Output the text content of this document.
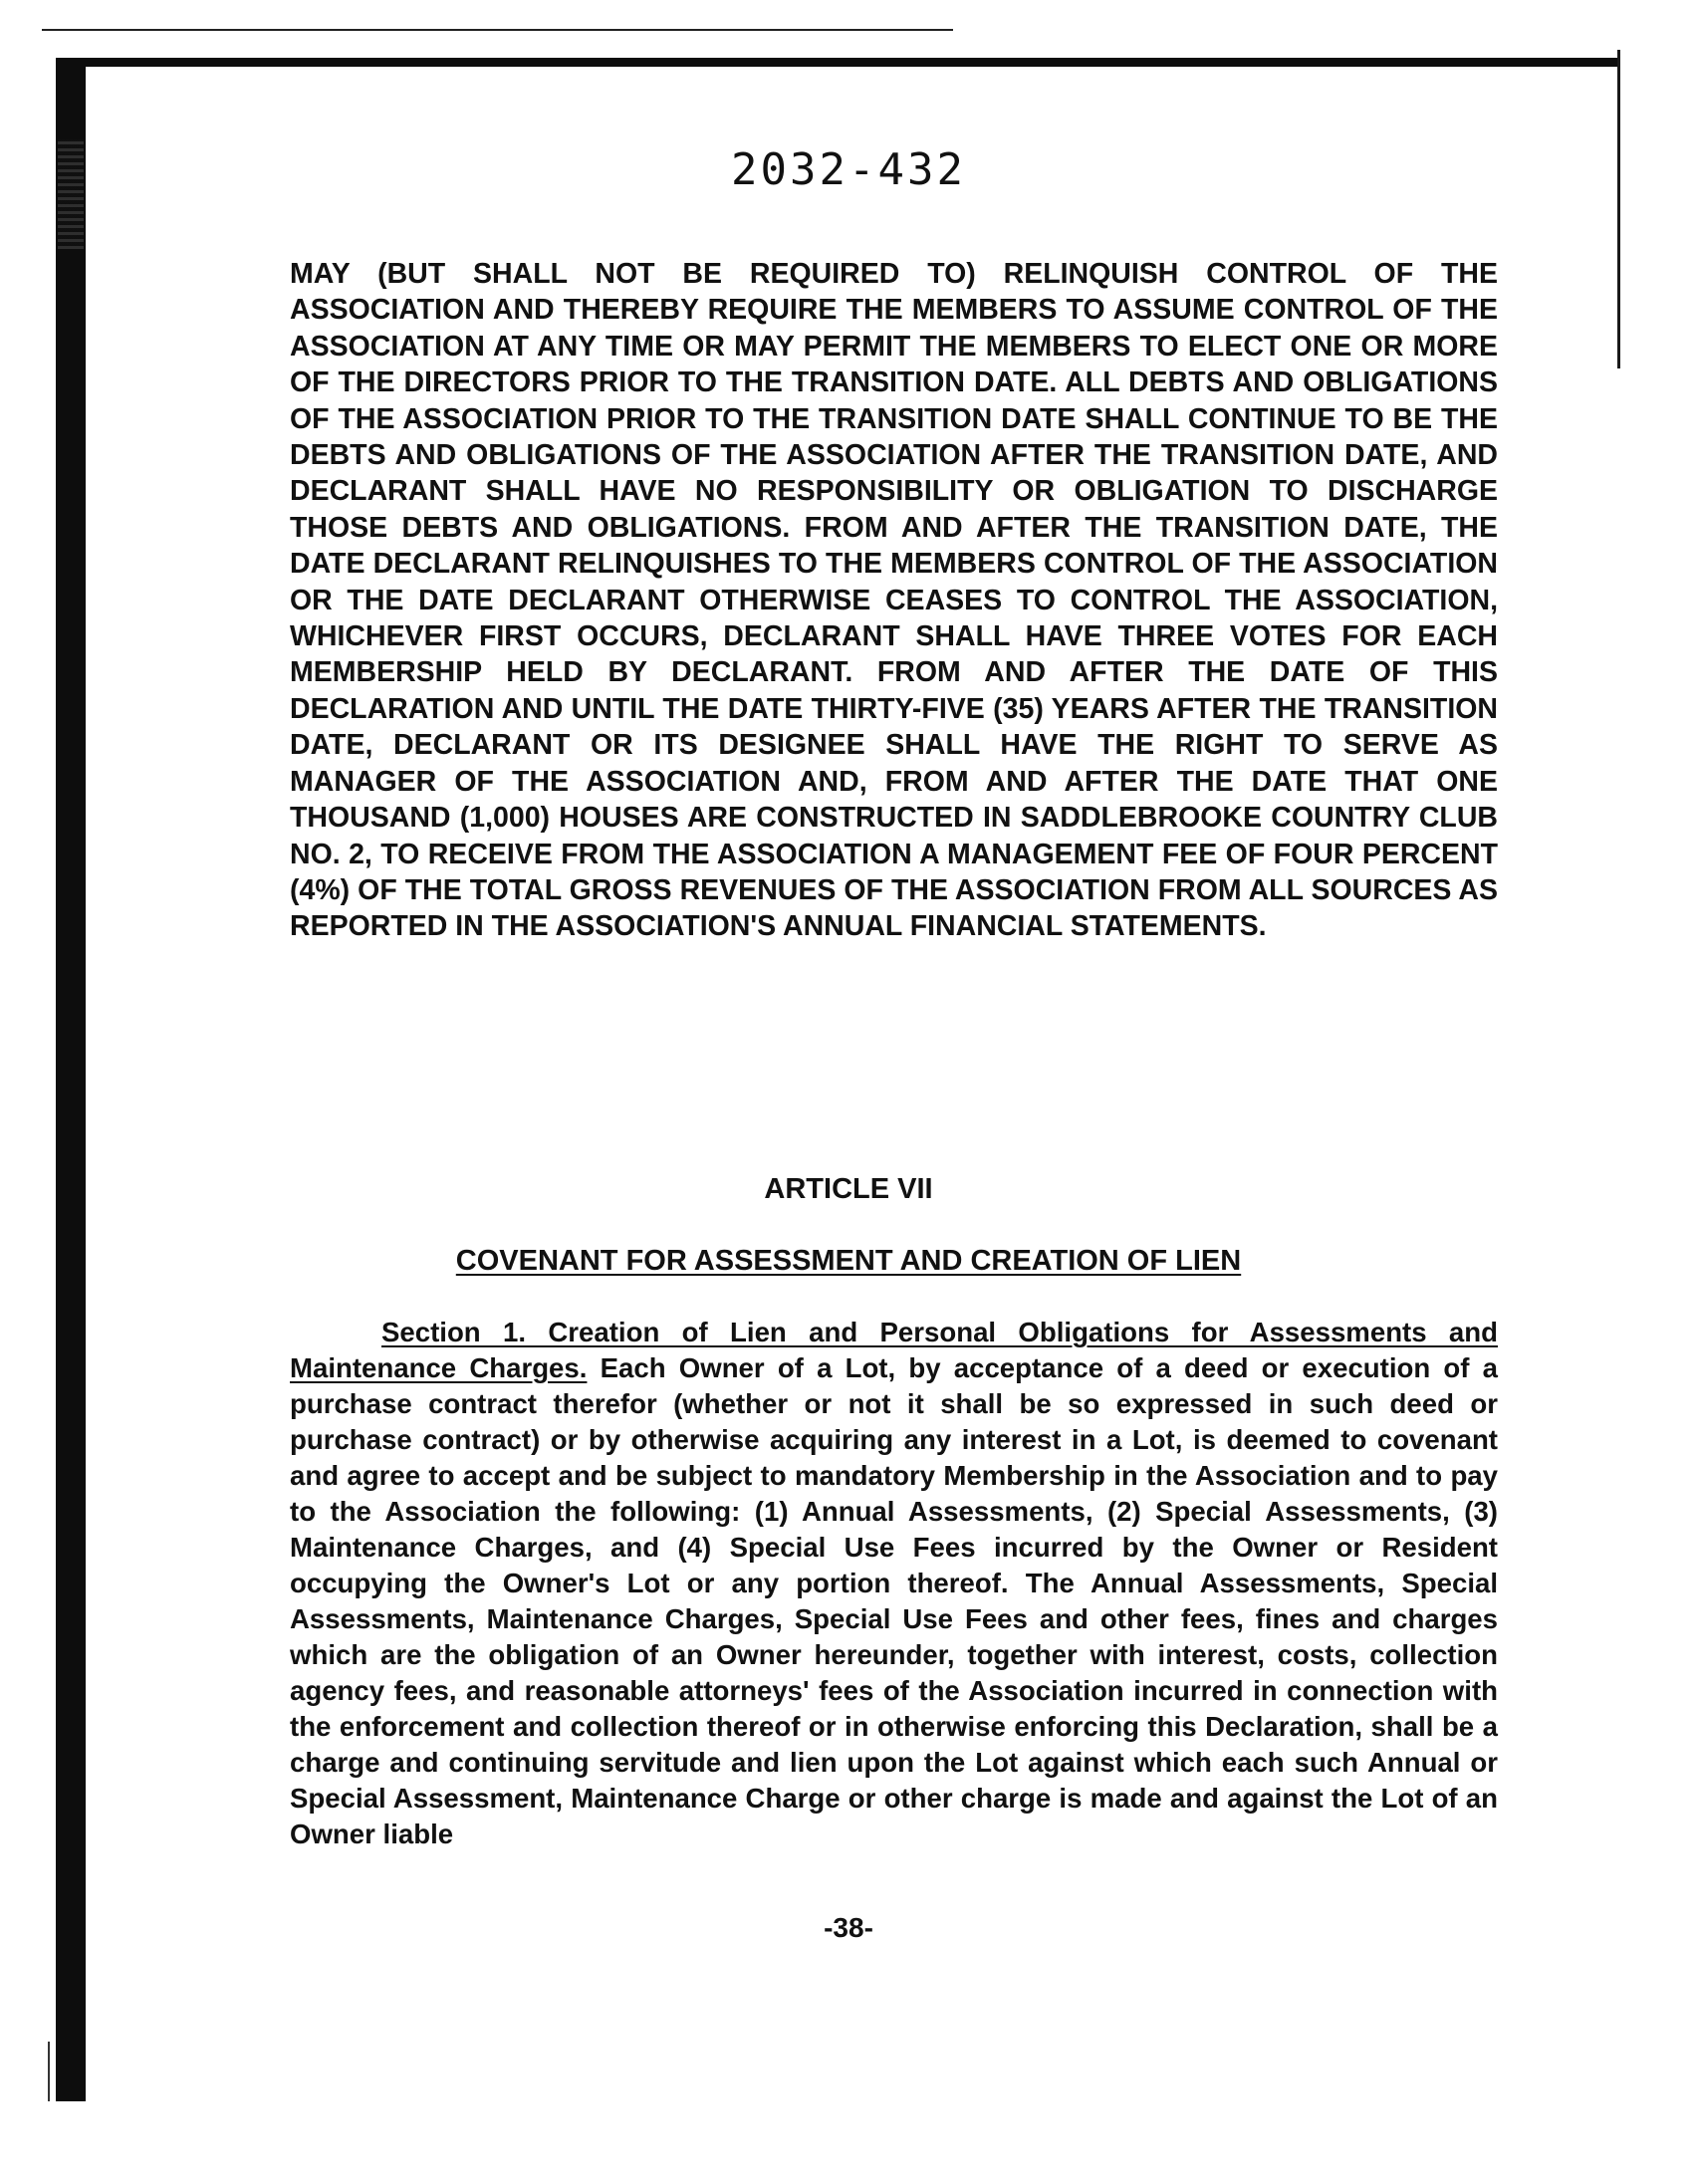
2032-432

MAY (BUT SHALL NOT BE REQUIRED TO) RELINQUISH CONTROL OF THE ASSOCIATION AND THEREBY REQUIRE THE MEMBERS TO ASSUME CONTROL OF THE ASSOCIATION AT ANY TIME OR MAY PERMIT THE MEMBERS TO ELECT ONE OR MORE OF THE DIRECTORS PRIOR TO THE TRANSITION DATE. ALL DEBTS AND OBLIGATIONS OF THE ASSOCIATION PRIOR TO THE TRANSITION DATE SHALL CONTINUE TO BE THE DEBTS AND OBLIGATIONS OF THE ASSOCIATION AFTER THE TRANSITION DATE, AND DECLARANT SHALL HAVE NO RESPONSIBILITY OR OBLIGATION TO DISCHARGE THOSE DEBTS AND OBLIGATIONS. FROM AND AFTER THE TRANSITION DATE, THE DATE DECLARANT RELINQUISHES TO THE MEMBERS CONTROL OF THE ASSOCIATION OR THE DATE DECLARANT OTHERWISE CEASES TO CONTROL THE ASSOCIATION, WHICHEVER FIRST OCCURS, DECLARANT SHALL HAVE THREE VOTES FOR EACH MEMBERSHIP HELD BY DECLARANT. FROM AND AFTER THE DATE OF THIS DECLARATION AND UNTIL THE DATE THIRTY-FIVE (35) YEARS AFTER THE TRANSITION DATE, DECLARANT OR ITS DESIGNEE SHALL HAVE THE RIGHT TO SERVE AS MANAGER OF THE ASSOCIATION AND, FROM AND AFTER THE DATE THAT ONE THOUSAND (1,000) HOUSES ARE CONSTRUCTED IN SADDLEBROOKE COUNTRY CLUB NO. 2, TO RECEIVE FROM THE ASSOCIATION A MANAGEMENT FEE OF FOUR PERCENT (4%) OF THE TOTAL GROSS REVENUES OF THE ASSOCIATION FROM ALL SOURCES AS REPORTED IN THE ASSOCIATION'S ANNUAL FINANCIAL STATEMENTS.

ARTICLE VII
COVENANT FOR ASSESSMENT AND CREATION OF LIEN

Section 1. Creation of Lien and Personal Obligations for Assessments and Maintenance Charges. Each Owner of a Lot, by acceptance of a deed or execution of a purchase contract therefor (whether or not it shall be so expressed in such deed or purchase contract) or by otherwise acquiring any interest in a Lot, is deemed to covenant and agree to accept and be subject to mandatory Membership in the Association and to pay to the Association the following: (1) Annual Assessments, (2) Special Assessments, (3) Maintenance Charges, and (4) Special Use Fees incurred by the Owner or Resident occupying the Owner's Lot or any portion thereof. The Annual Assessments, Special Assessments, Maintenance Charges, Special Use Fees and other fees, fines and charges which are the obligation of an Owner hereunder, together with interest, costs, collection agency fees, and reasonable attorneys' fees of the Association incurred in connection with the enforcement and collection thereof or in otherwise enforcing this Declaration, shall be a charge and continuing servitude and lien upon the Lot against which each such Annual or Special Assessment, Maintenance Charge or other charge is made and against the Lot of an Owner liable

-38-
